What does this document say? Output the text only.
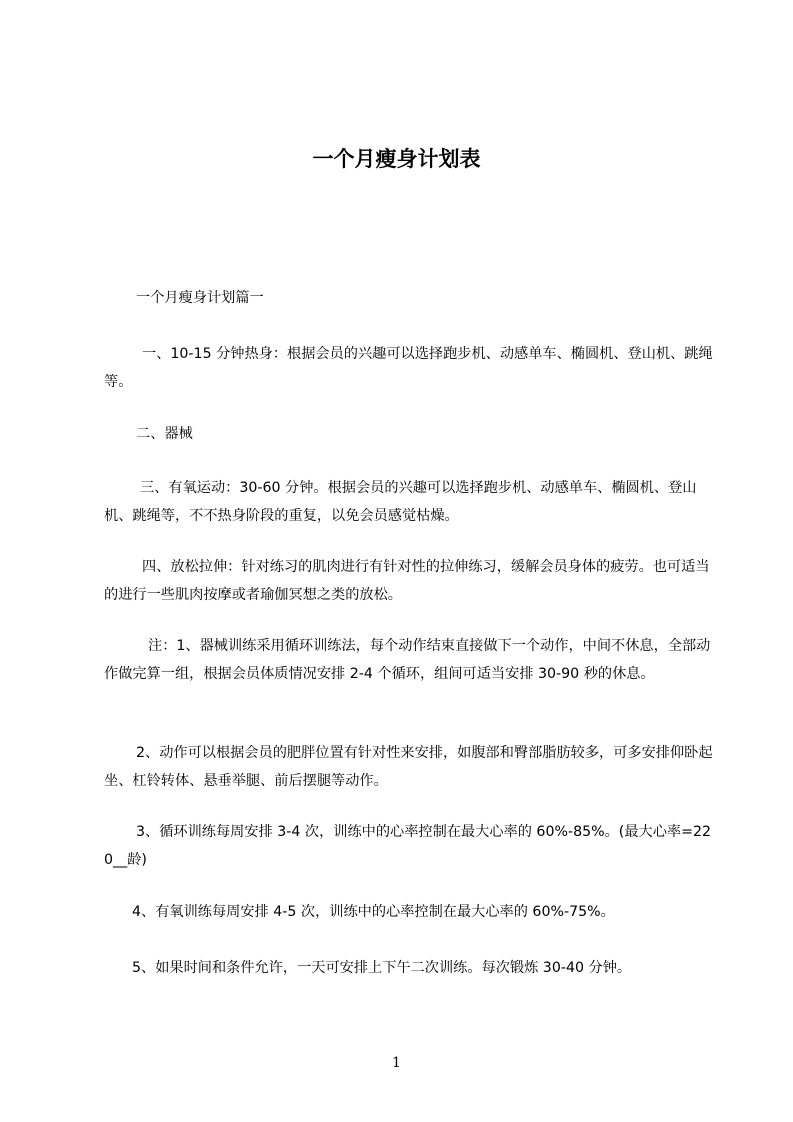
一个月瘦身计划表

一个月瘦身计划篇一

一、10-15 分钟热身：根据会员的兴趣可以选择跑步机、动感单车、椭圆机、登山机、跳绳等。

二、器械

三、有氧运动：30-60 分钟。根据会员的兴趣可以选择跑步机、动感单车、椭圆机、登山机、跳绳等，不不热身阶段的重复，以免会员感觉枯燥。

四、放松拉伸：针对练习的肌肉进行有针对性的拉伸练习，缓解会员身体的疲劳。也可适当的进行一些肌肉按摩或者瑜伽冥想之类的放松。

注：1、器械训练采用循环训练法，每个动作结束直接做下一个动作，中间不休息，全部动作做完算一组，根据会员体质情况安排 2-4 个循环，组间可适当安排 30-90 秒的休息。

2、动作可以根据会员的肥胖位置有针对性来安排，如腹部和臀部脂肪较多，可多安排仰卧起坐、杠铃转体、悬垂举腿、前后摆腿等动作。

3、循环训练每周安排 3-4 次，训练中的心率控制在最大心率的 60%-85%。(最大心率=220__龄)

4、有氧训练每周安排 4-5 次，训练中的心率控制在最大心率的 60%-75%。

5、如果时间和条件允许，一天可安排上下午二次训练。每次锻炼 30-40 分钟。

1
